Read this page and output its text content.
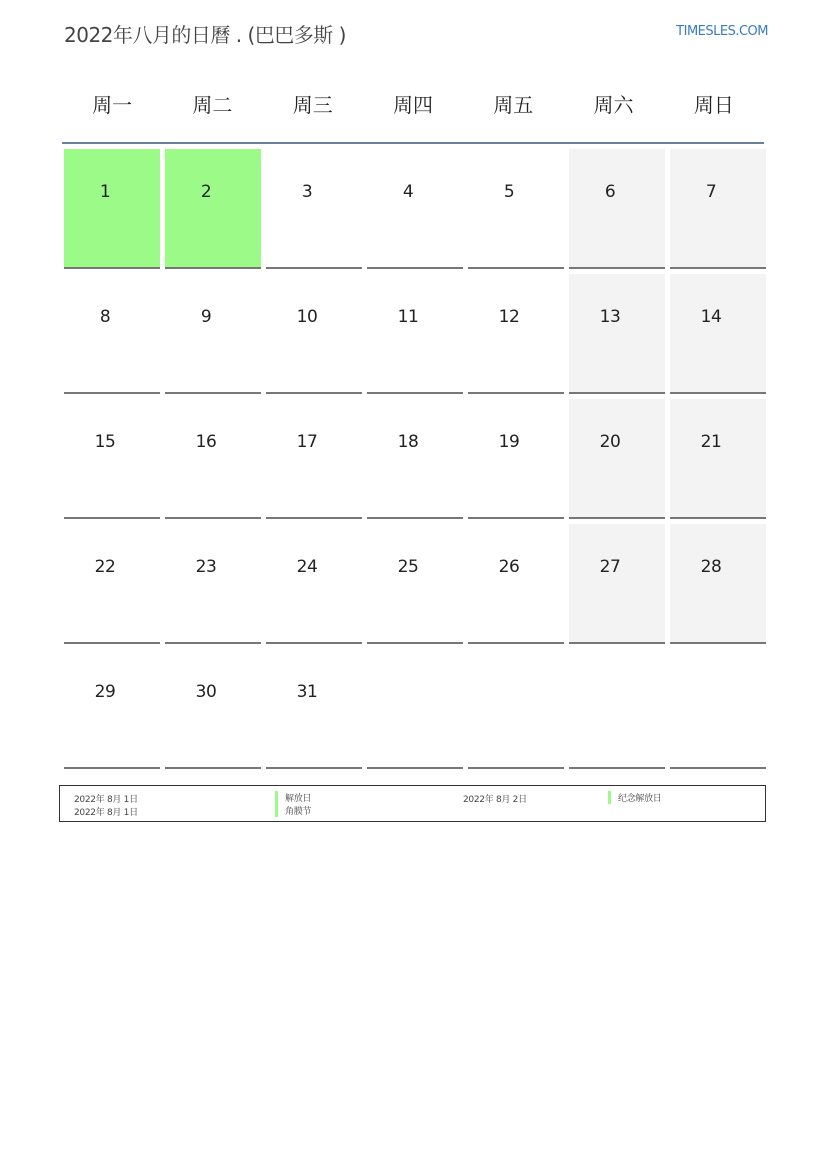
2022年八月的日曆 . (巴巴多斯 )	TIMESLES.COM
周一	周二	周三	周四	周五	周六	周日
1	2	3	4	5	6	7
8	9	10	11	12	13	14
15	16	17	18	19	20	21
22	23	24	25	26	27	28
29	30	31
2022年 8月 1日	解放日
2022年 8月 1日	角膜节
2022年 8月 2日	纪念解放日
